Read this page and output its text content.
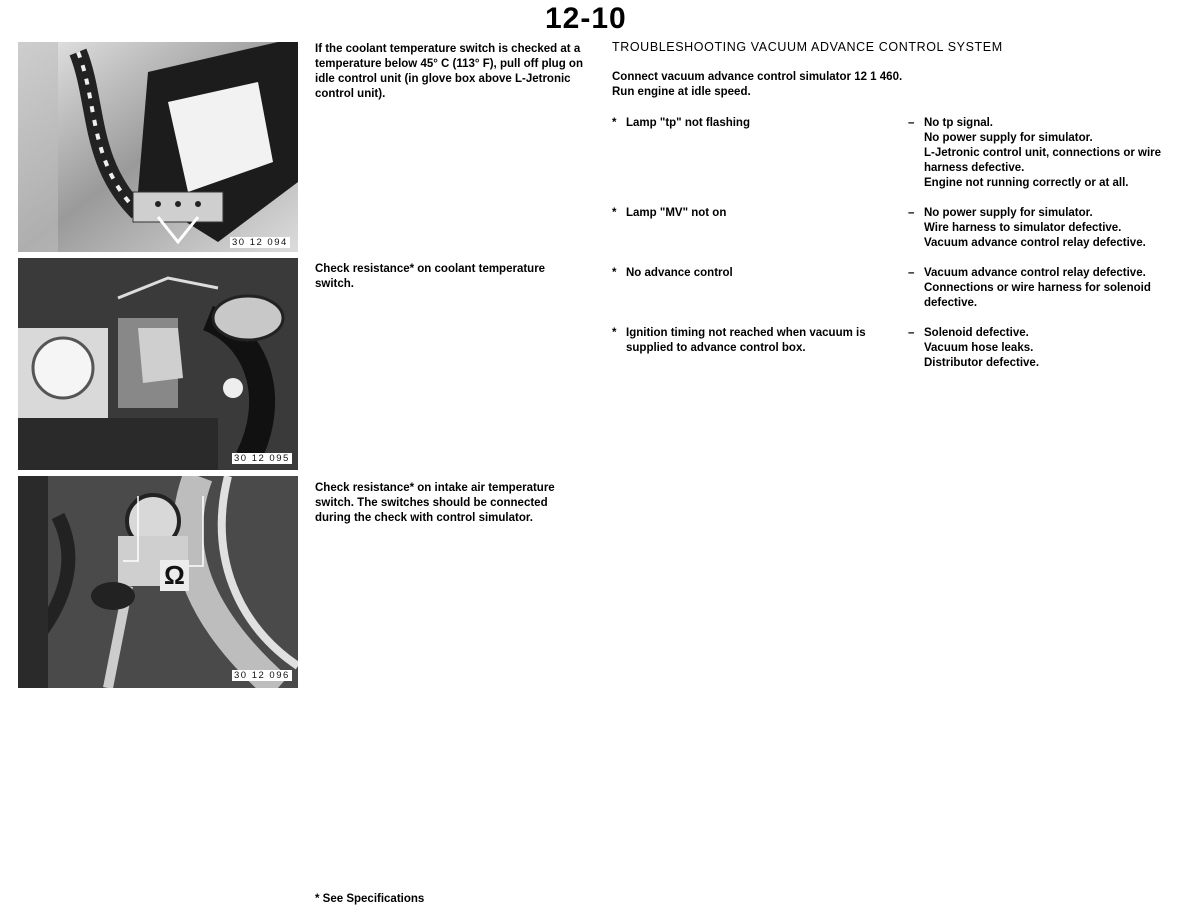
12-10
30 12 094

If the coolant temperature switch is checked at a temperature below 45° C (113° F), pull off plug on idle control unit (in glove box above L-Jetronic control unit).

30 12 095

Check resistance* on coolant temperature switch.

Ω
30 12 096

Check resistance* on intake air temperature switch. The switches should be connected during the check with control simulator.

TROUBLESHOOTING VACUUM ADVANCE CONTROL SYSTEM
Connect vacuum advance control simulator 12 1 460.
Run engine at idle speed.
* Lamp "tp" not flashing	– No tp signal.
No power supply for simulator.
L-Jetronic control unit, connections or wire
harness defective.
Engine not running correctly or at all.
* Lamp "MV" not on	– No power supply for simulator.
Wire harness to simulator defective.
Vacuum advance control relay defective.
* No advance control	– Vacuum advance control relay defective.
Connections or wire harness for solenoid
defective.
* Ignition timing not reached when vacuum is supplied to advance control box.
– Solenoid defective.
Vacuum hose leaks.
Distributor defective.
* See Specifications
